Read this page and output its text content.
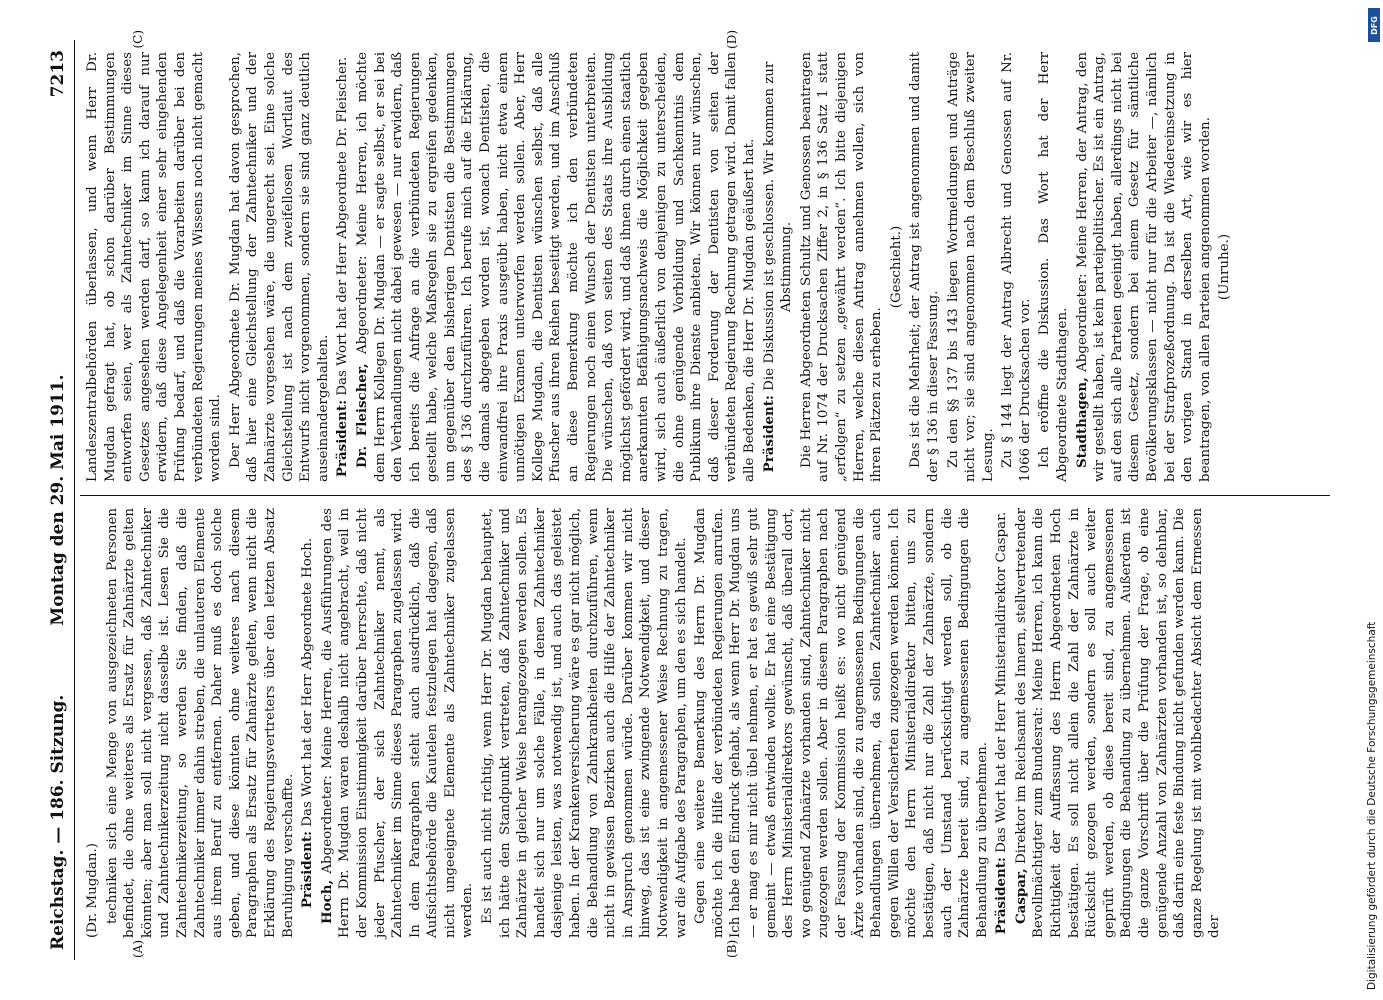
Reichstag. — 186. Sitzung.
Montag den 29. Mai 1911.
7213
(A)	(B)

(Dr. Mugdan.) techniken sich eine Menge von ausgezeichneten Personen befindet, die ohne weiteres als Ersatz für Zahnärzte gelten könnten; aber man soll nicht vergessen, daß Zahntechniker und Zahntechnikerzeitung nicht dasselbe ist. Lesen Sie die Zahntechnikerzeitung, so werden Sie finden, daß die Zahntechniker immer dahin streben, die unlauteren Elemente aus ihrem Beruf zu entfernen. Daher muß es doch solche geben, und diese könnten ohne weiteres nach diesem Paragraphen als Ersatz für Zahnärzte gelten, wenn nicht die Erklärung des Regierungsvertreters über den letzten Absatz Beruhigung verschaffte. Präsident: Das Wort hat der Herr Abgeordnete Hoch.

Hoch, Abgeordneter: Meine Herren, die Ausführungen des Herrn Dr. Mugdan waren deshalb nicht angebracht, weil in der Kommission Einstimmigkeit darüber herrschte, daß nicht jeder Pfuscher, der sich Zahntechniker nennt, als Zahntechniker im Sinne dieses Paragraphen zugelassen wird. In dem Paragraphen steht auch ausdrücklich, daß die Aufsichtsbehörde die Kautelen festzulegen hat dagegen, daß nicht ungeeignete Elemente als Zahntechniker zugelassen werden. Es ist auch nicht richtig, wenn Herr Dr. Mugdan behauptet, ich hätte den Standpunkt vertreten, daß Zahntechniker und Zahnärzte in gleicher Weise herangezogen werden sollen. Es handelt sich nur um solche Fälle, in denen Zahntechniker dasjenige leisten, was notwendig ist, und auch das geleistet haben. In der Krankenversicherung wäre es gar nicht möglich, die Behandlung von Zahnkrankheiten durchzuführen, wenn nicht in gewissen Bezirken auch die Hilfe der Zahntechniker in Anspruch genommen würde. Darüber kommen wir nicht hinweg, das ist eine zwingende Notwendigkeit, und dieser Notwendigkeit in angemessener Weise Rechnung zu tragen, war die Aufgabe des Paragraphen, um den es sich handelt. Gegen eine weitere Bemerkung des Herrn Dr. Mugdan möchte ich die Hilfe der verbündeten Regierungen anrufen. Ich habe den Eindruck gehabt, als wenn Herr Dr. Mugdan uns — er mag es mir nicht übel nehmen, er hat es gewiß sehr gut gemeint — etwaß entwinden wollte. Er hat eine Bestätigung des Herrn Ministerialdirektors gewünscht, daß überall dort, wo genügend Zahnärzte vorhanden sind, Zahntechniker nicht zugezogen werden sollen. Aber in diesem Paragraphen nach der Fassung der Kommission heißt es: wo nicht genügend Ärzte vorhanden sind, die zu angemessenen Bedingungen die Behandlungen übernehmen, da sollen Zahntechniker auch gegen Willen der Versicherten zugezogen werden können. Ich möchte den Herrn Ministerialdirektor bitten, uns zu bestätigen, daß nicht nur die Zahl der Zahnärzte, sondern auch der Umstand berücksichtigt werden soll, ob die Zahnärzte bereit sind, zu angemessenen Bedingungen die Behandlung zu übernehmen. Präsident: Das Wort hat der Herr Ministerialdirektor Caspar.

Caspar, Direktor im Reichsamt des Innern, stellvertretender Bevollmächtigter zum Bundesrat: Meine Herren, ich kann die Richtigkeit der Auffassung des Herrn Abgeordneten Hoch bestätigen. Es soll nicht allein die Zahl der Zahnärzte in Rücksicht gezogen werden, sondern es soll auch weiter geprüft werden, ob diese bereit sind, zu angemessenen Bedingungen die Behandlung zu übernehmen. Außerdem ist die ganze Vorschrift über die Prüfung der Frage, ob eine genügende Anzahl von Zahnärzten vorhanden ist, so dehnbar, daß darin eine feste Bindung nicht gefunden werden kann. Die ganze Regelung ist mit wohlbedachter Absicht dem Ermessen der

(C)	(D)

Landeszentralbehörden überlassen, und wenn Herr Dr. Mugdan gefragt hat, ob schon darüber Bestimmungen entworfen seien, wer als Zahntechniker im Sinne dieses Gesetzes angesehen werden darf, so kann ich darauf nur erwidern, daß diese Angelegenheit einer sehr eingehenden Prüfung bedarf, und daß die Vorarbeiten darüber bei den verbündeten Regierungen meines Wissens noch nicht gemacht worden sind. Der Herr Abgeordnete Dr. Mugdan hat davon gesprochen, daß hier eine Gleichstellung der Zahntechniker und der Zahnärzte vorgesehen wäre, die ungerecht sei. Eine solche Gleichstellung ist nach dem zweifellosen Wortlaut des Entwurfs nicht vorgenommen, sondern sie sind ganz deutlich auseinandergehalten. Präsident: Das Wort hat der Herr Abgeordnete Dr. Fleischer.

Dr. Fleischer, Abgeordneter: Meine Herren, ich möchte dem Herrn Kollegen Dr. Mugdan — er sagte selbst, er sei bei den Verhandlungen nicht dabei gewesen — nur erwidern, daß ich bereits die Anfrage an die verbündeten Regierungen gestellt habe, welche Maßregeln sie zu ergreifen gedenken, um gegenüber den bisherigen Dentisten die Bestimmungen des § 136 durchzuführen. Ich berufe mich auf die Erklärung, die damals abgegeben worden ist, wonach Dentisten, die einwandfrei ihre Praxis ausgeübt haben, nicht etwa einem unnötigen Examen unterworfen werden sollen. Aber, Herr Kollege Mugdan, die Dentisten wünschen selbst, daß alle Pfuscher aus ihren Reihen beseitigt werden, und im Anschluß an diese Bemerkung möchte ich den verbündeten Regierungen noch einen Wunsch der Dentisten unterbreiten. Die wünschen, daß von seiten des Staats ihre Ausbildung möglichst gefördert wird, und daß ihnen durch einen staatlich anerkannten Befähigungsnachweis die Möglichkeit gegeben wird, sich auch äußerlich von denjenigen zu unterscheiden, die ohne genügende Vorbildung und Sachkenntnis dem Publikum ihre Dienste anbieten. Wir können nur wünschen, daß dieser Forderung der Dentisten von seiten der verbündeten Regierung Rechnung getragen wird. Damit fallen alle Bedenken, die Herr Dr. Mugdan geäußert hat. Präsident: Die Diskussion ist geschlossen. Wir kommen zur Abstimmung. Die Herren Abgeordneten Schultz und Genossen beantragen auf Nr. 1074 der Drucksachen Ziffer 2, in § 136 Satz 1 statt „erfolgen“ zu setzen „gewährt werden“. Ich bitte diejenigen Herren, welche diesen Antrag annehmen wollen, sich von ihren Plätzen zu erheben.

(Geschieht.) Das ist die Mehrheit; der Antrag ist angenommen und damit der § 136 in dieser Fassung. Zu den §§ 137 bis 143 liegen Wortmeldungen und Anträge nicht vor; sie sind angenommen nach dem Beschluß zweiter Lesung. Zu § 144 liegt der Antrag Albrecht und Genossen auf Nr. 1066 der Drucksachen vor. Ich eröffne die Diskussion. Das Wort hat der Herr Abgeordnete Stadthagen. Stadthagen, Abgeordneter: Meine Herren, der Antrag, den wir gestellt haben, ist kein parteipolitischer. Es ist ein Antrag, auf den sich alle Parteien geeinigt haben, allerdings nicht bei diesem Gesetz, sondern bei einem Gesetz für sämtliche Bevölkerungsklassen — nicht nur für die Arbeiter —, nämlich bei der Strafprozeßordnung. Da ist die Wiedereinsetzung in den vorigen Stand in derselben Art, wie wir es hier beantragen, von allen Parteien angenommen worden. (Unruhe.)

Digitalisierung gefördert durch die Deutsche Forschungsgemeinschaft
DFG
